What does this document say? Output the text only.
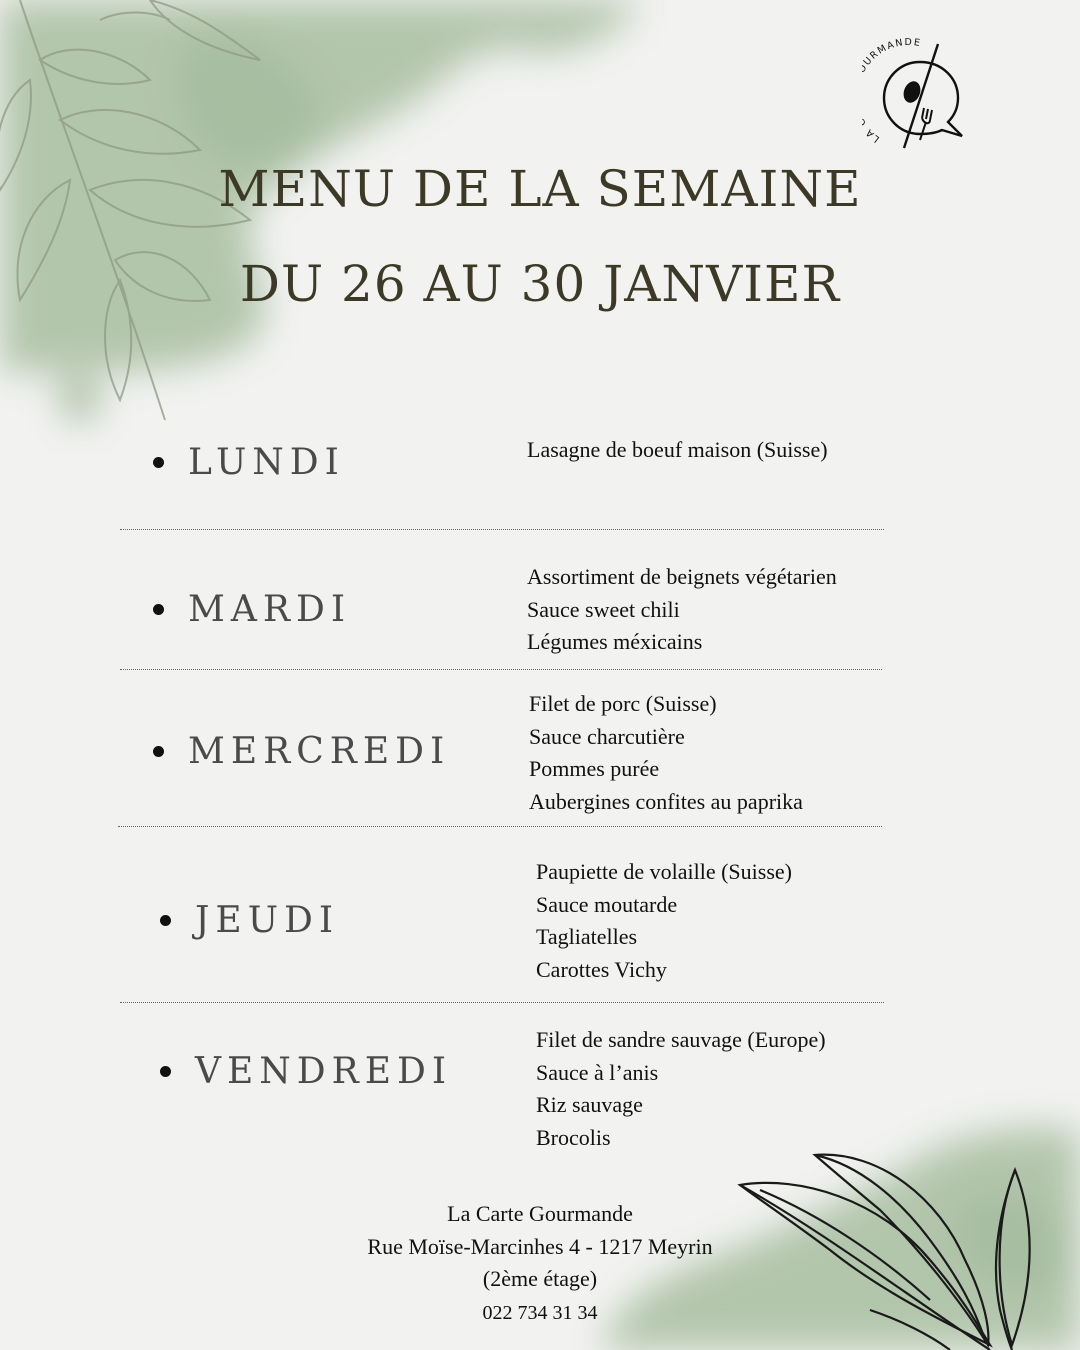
LA URMANDE
MENU DE LA SEMAINE
DU 26 AU 30 JANVIER
LUNDI	Lasagne de boeuf maison (Suisse)
MARDI
Assortiment de beignets végétarien
Sauce sweet chili
Légumes méxicains
MERCREDI
Filet de porc (Suisse)
Sauce charcutière
Pommes purée
Aubergines confites au paprika
JEUDI
Paupiette de volaille (Suisse)
Sauce moutarde
Tagliatelles
Carottes Vichy
VENDREDI
Filet de sandre sauvage (Europe)
Sauce à l’anis
Riz sauvage
Brocolis
La Carte Gourmande
Rue Moïse-Marcinhes 4 - 1217 Meyrin
(2ème étage)
022 734 31 34
